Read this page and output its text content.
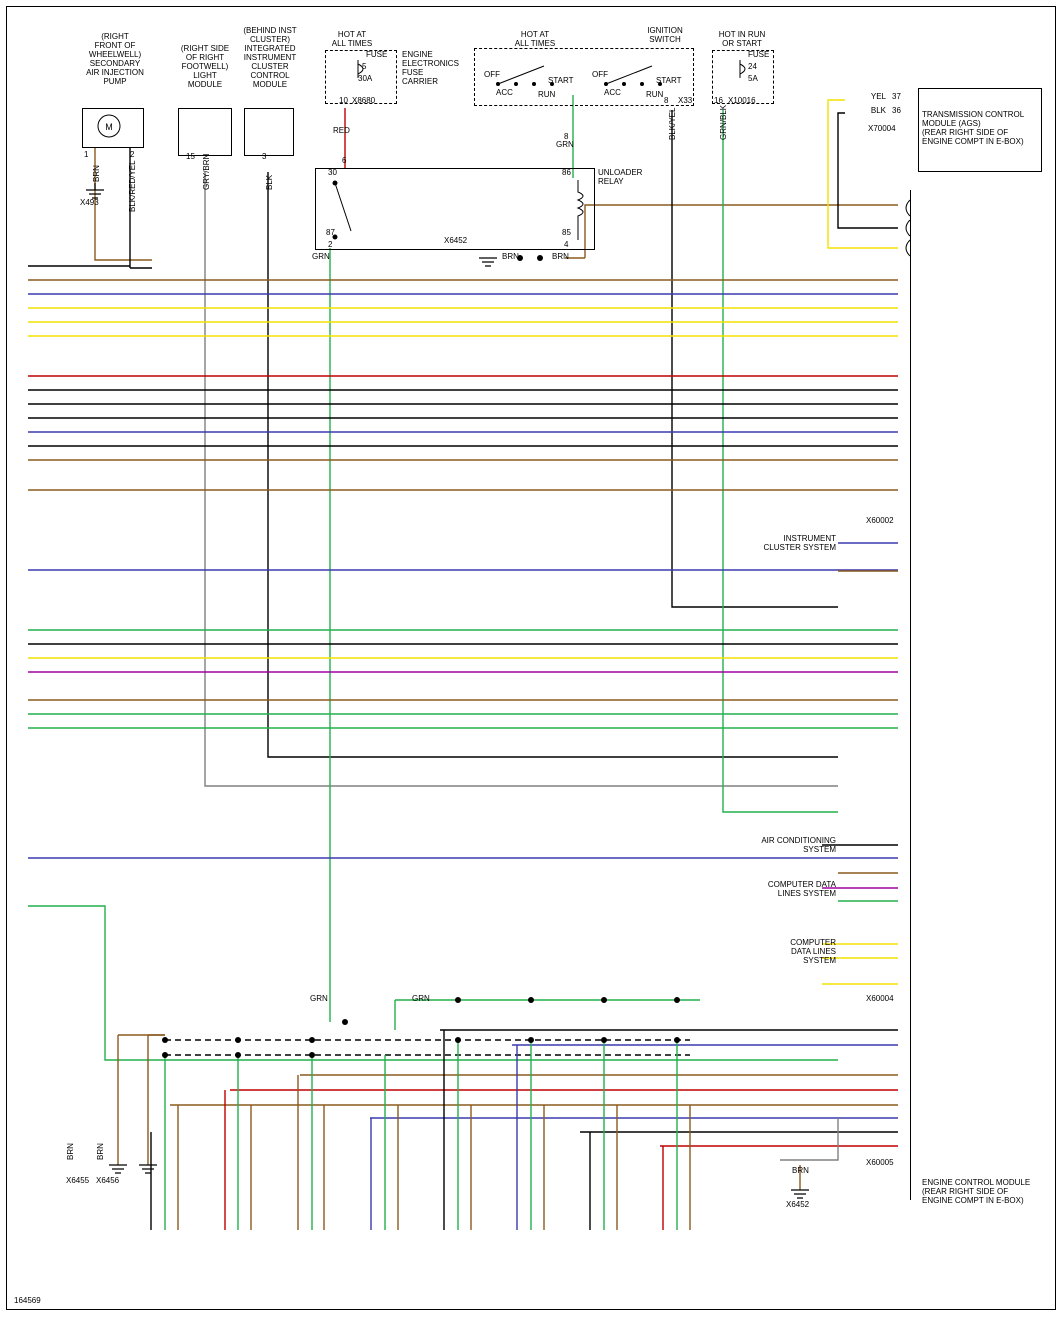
M
(RIGHT
FRONT OF
WHEELWELL)
SECONDARY
AIR INJECTION
PUMP
(RIGHT SIDE
OF RIGHT
FOOTWELL)
LIGHT
MODULE
(BEHIND INST
CLUSTER)
INTEGRATED
INSTRUMENT
CLUSTER
CONTROL
MODULE
HOT AT
ALL TIMES
ENGINE
ELECTRONICS
FUSE
CARRIER
FUSE
5
30A
10 X8680
RED
HOT AT
ALL TIMES
IGNITION
SWITCH
OFF
ACC
START
RUN
OFF
ACC
START
RUN
8 X33
GRN
HOT IN RUN
OR START
FUSE
24
5A
16 X10016
UNLOADER
RELAY
30	86
87	85
6
8
2	4
GRN	BRN
BRN
X6452
TRANSMISSION CONTROL
MODULE (AGS)
(REAR RIGHT SIDE OF
ENGINE COMPT IN E-BOX)
YEL
BLK
37
36
X70004
BRN	BLK/RED/YEL
1	2
X493
GRY/BRN
15
BLK
3
BLK/YEL	GRN/BLK
164569
INSTRUMENT
CLUSTER SYSTEM
AIR CONDITIONING
SYSTEM
COMPUTER DATA
LINES SYSTEM
COMPUTER
DATA LINES
SYSTEM
ENGINE CONTROL MODULE
(REAR RIGHT SIDE OF
ENGINE COMPT IN E-BOX)
X60002
X60004
X60005
BRN	BRN
X6455 X6456
X6452
BRN
GRN	GRN
